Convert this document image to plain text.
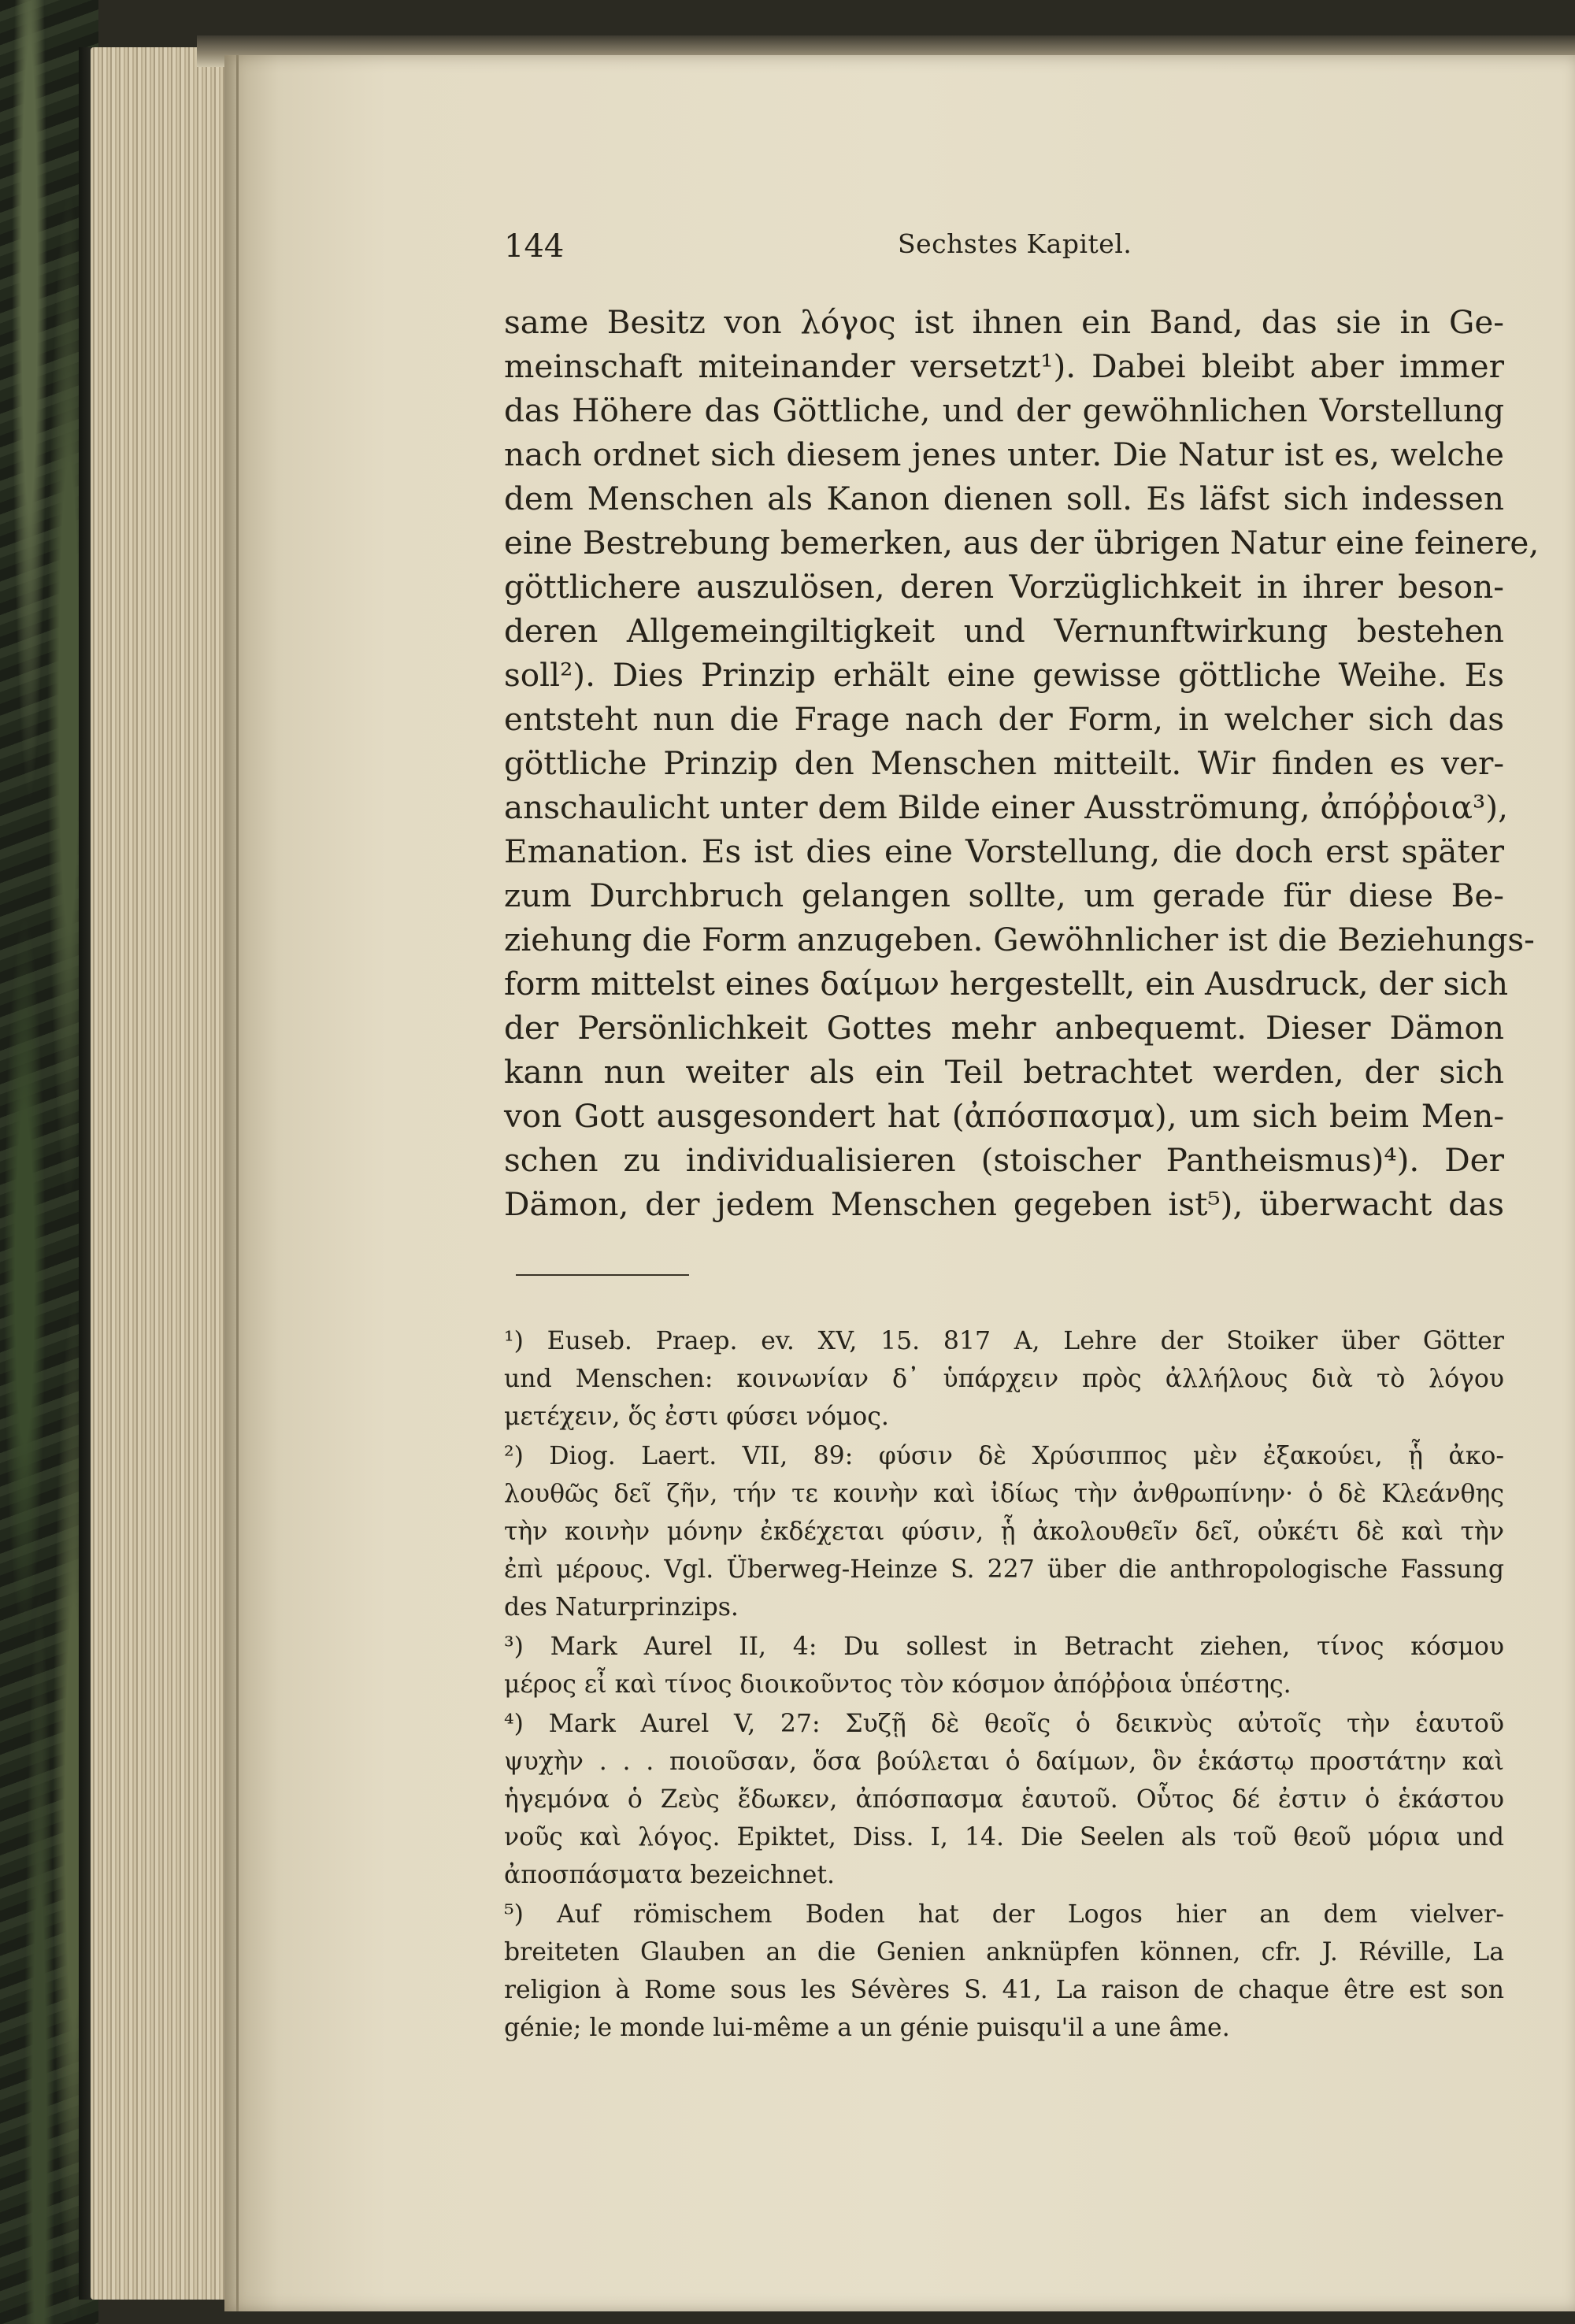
144	Sechstes Kapitel.
same Besitz von λόγος ist ihnen ein Band, das sie in Ge-
meinschaft miteinander versetzt¹). Dabei bleibt aber immer
das Höhere das Göttliche, und der gewöhnlichen Vorstellung
nach ordnet sich diesem jenes unter. Die Natur ist es, welche
dem Menschen als Kanon dienen soll. Es läfst sich indessen
eine Bestrebung bemerken, aus der übrigen Natur eine feinere,
göttlichere auszulösen, deren Vorzüglichkeit in ihrer beson-
deren Allgemeingiltigkeit und Vernunftwirkung bestehen
soll²). Dies Prinzip erhält eine gewisse göttliche Weihe. Es
entsteht nun die Frage nach der Form, in welcher sich das
göttliche Prinzip den Menschen mitteilt. Wir finden es ver-
anschaulicht unter dem Bilde einer Ausströmung, ἀπόῤῥοια³),
Emanation. Es ist dies eine Vorstellung, die doch erst später
zum Durchbruch gelangen sollte, um gerade für diese Be-
ziehung die Form anzugeben. Gewöhnlicher ist die Beziehungs-
form mittelst eines δαίμων hergestellt, ein Ausdruck, der sich
der Persönlichkeit Gottes mehr anbequemt. Dieser Dämon
kann nun weiter als ein Teil betrachtet werden, der sich
von Gott ausgesondert hat (ἀπόσπασμα), um sich beim Men-
schen zu individualisieren (stoischer Pantheismus)⁴). Der
Dämon, der jedem Menschen gegeben ist⁵), überwacht das
¹) Euseb. Praep. ev. XV, 15. 817 A, Lehre der Stoiker über Götter
und Menschen: κοινωνίαν δ᾽ ὑπάρχειν πρὸς ἀλλήλους διὰ τὸ λόγου
μετέχειν, ὅς ἐστι φύσει νόμος.
²) Diog. Laert. VII, 89: φύσιν δὲ Χρύσιππος μὲν ἐξακούει, ᾗ ἀκο-
λουθῶς δεῖ ζῆν, τήν τε κοινὴν καὶ ἰδίως τὴν ἀνθρωπίνην· ὁ δὲ Κλεάνθης
τὴν κοινὴν μόνην ἐκδέχεται φύσιν, ᾗ ἀκολουθεῖν δεῖ, οὐκέτι δὲ καὶ τὴν
ἐπὶ μέρους. Vgl. Überweg-Heinze S. 227 über die anthropologische Fassung
des Naturprinzips.
³) Mark Aurel II, 4: Du sollest in Betracht ziehen, τίνος κόσμου
μέρος εἶ καὶ τίνος διοικοῦντος τὸν κόσμον ἀπόῤῥοια ὑπέστης.
⁴) Mark Aurel V, 27: Συζῇ δὲ θεοῖς ὁ δεικνὺς αὐτοῖς τὴν ἑαυτοῦ
ψυχὴν . . . ποιοῦσαν, ὅσα βούλεται ὁ δαίμων, ὃν ἑκάστῳ προστάτην καὶ
ἡγεμόνα ὁ Ζεὺς ἔδωκεν, ἀπόσπασμα ἑαυτοῦ. Οὗτος δέ ἐστιν ὁ ἑκάστου
νοῦς καὶ λόγος. Epiktet, Diss. I, 14. Die Seelen als τοῦ θεοῦ μόρια und
ἀποσπάσματα bezeichnet.
⁵) Auf römischem Boden hat der Logos hier an dem vielver-
breiteten Glauben an die Genien anknüpfen können, cfr. J. Réville, La
religion à Rome sous les Sévères S. 41, La raison de chaque être est son
génie; le monde lui-même a un génie puisqu'il a une âme.
